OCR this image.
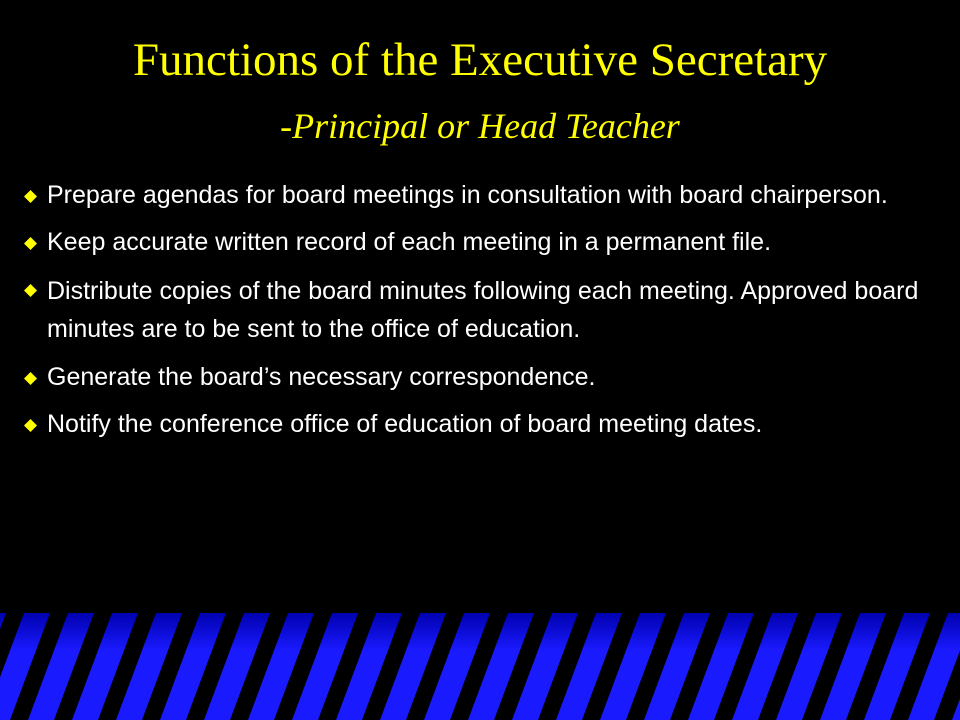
Functions of the Executive Secretary
-Principal or Head Teacher
Prepare agendas for board meetings in consultation with board chairperson.
Keep accurate written record of each meeting in a permanent file.
Distribute copies of the board minutes following each meeting. Approved board minutes are to be sent to the office of education.
Generate the board’s necessary correspondence.
Notify the conference office of education of board meeting dates.
